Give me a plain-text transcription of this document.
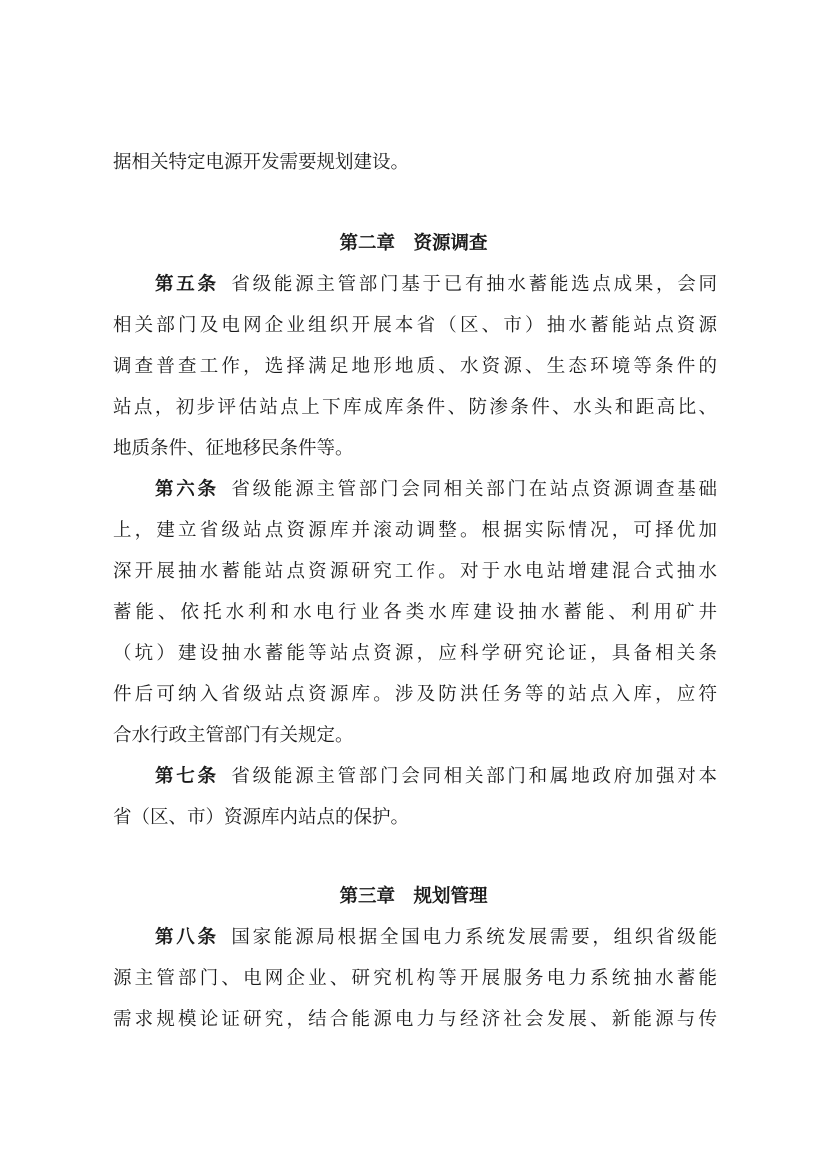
据相关特定电源开发需要规划建设。
第二章　资源调查
第五条 省级能源主管部门基于已有抽水蓄能选点成果，会同
相关部门及电网企业组织开展本省（区、市）抽水蓄能站点资源
调查普查工作，选择满足地形地质、水资源、生态环境等条件的
站点，初步评估站点上下库成库条件、防渗条件、水头和距高比、
地质条件、征地移民条件等。
第六条 省级能源主管部门会同相关部门在站点资源调查基础
上，建立省级站点资源库并滚动调整。根据实际情况，可择优加
深开展抽水蓄能站点资源研究工作。对于水电站增建混合式抽水
蓄能、依托水利和水电行业各类水库建设抽水蓄能、利用矿井
（坑）建设抽水蓄能等站点资源，应科学研究论证，具备相关条
件后可纳入省级站点资源库。涉及防洪任务等的站点入库，应符
合水行政主管部门有关规定。
第七条 省级能源主管部门会同相关部门和属地政府加强对本
省（区、市）资源库内站点的保护。
第三章　规划管理
第八条 国家能源局根据全国电力系统发展需要，组织省级能
源主管部门、电网企业、研究机构等开展服务电力系统抽水蓄能
需求规模论证研究，结合能源电力与经济社会发展、新能源与传
